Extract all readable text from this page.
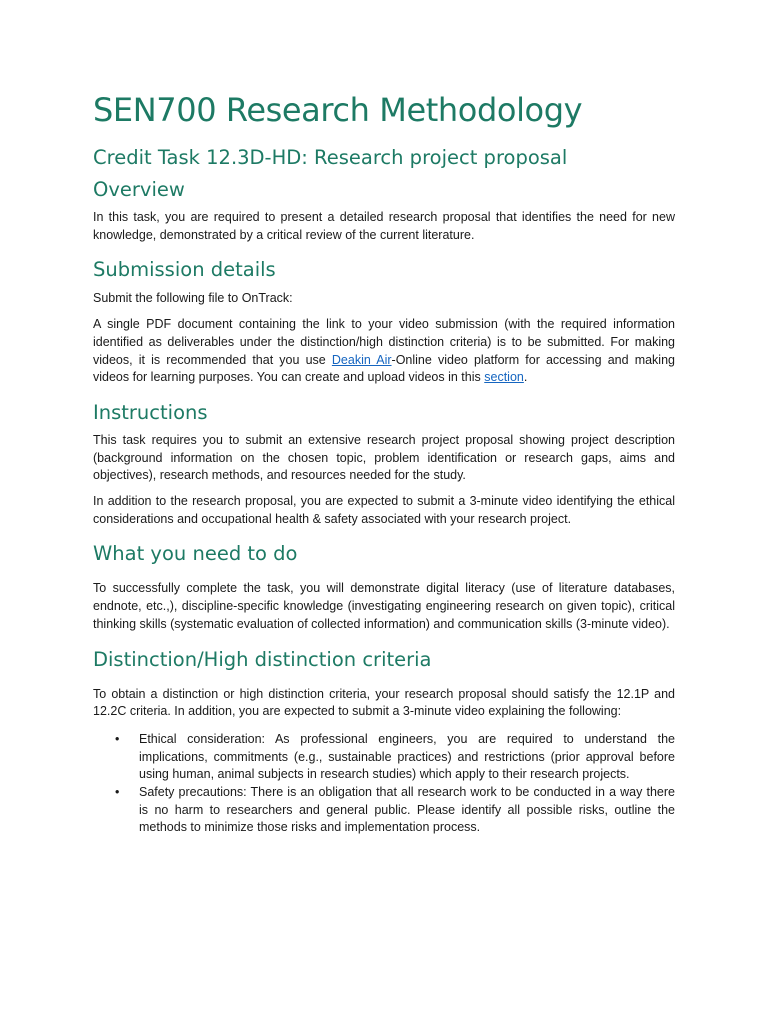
SEN700 Research Methodology
Credit Task 12.3D-HD: Research project proposal
Overview

In this task, you are required to present a detailed research proposal that identifies the need for new knowledge, demonstrated by a critical review of the current literature.

Submission details

Submit the following file to OnTrack:

A single PDF document containing the link to your video submission (with the required information identified as deliverables under the distinction/high distinction criteria) is to be submitted. For making videos, it is recommended that you use Deakin Air-Online video platform for accessing and making videos for learning purposes. You can create and upload videos in this section.

Instructions

This task requires you to submit an extensive research project proposal showing project description (background information on the chosen topic, problem identification or research gaps, aims and objectives), research methods, and resources needed for the study.

In addition to the research proposal, you are expected to submit a 3-minute video identifying the ethical considerations and occupational health & safety associated with your research project.

What you need to do

To successfully complete the task, you will demonstrate digital literacy (use of literature databases, endnote, etc.,), discipline-specific knowledge (investigating engineering research on given topic), critical thinking skills (systematic evaluation of collected information) and communication skills (3-minute video).

Distinction/High distinction criteria

To obtain a distinction or high distinction criteria, your research proposal should satisfy the 12.1P and 12.2C criteria. In addition, you are expected to submit a 3-minute video explaining the following:

• Ethical consideration: As professional engineers, you are required to understand the implications, commitments (e.g., sustainable practices) and restrictions (prior approval before using human, animal subjects in research studies) which apply to their research projects.
• Safety precautions: There is an obligation that all research work to be conducted in a way there is no harm to researchers and general public. Please identify all possible risks, outline the methods to minimize those risks and implementation process.
